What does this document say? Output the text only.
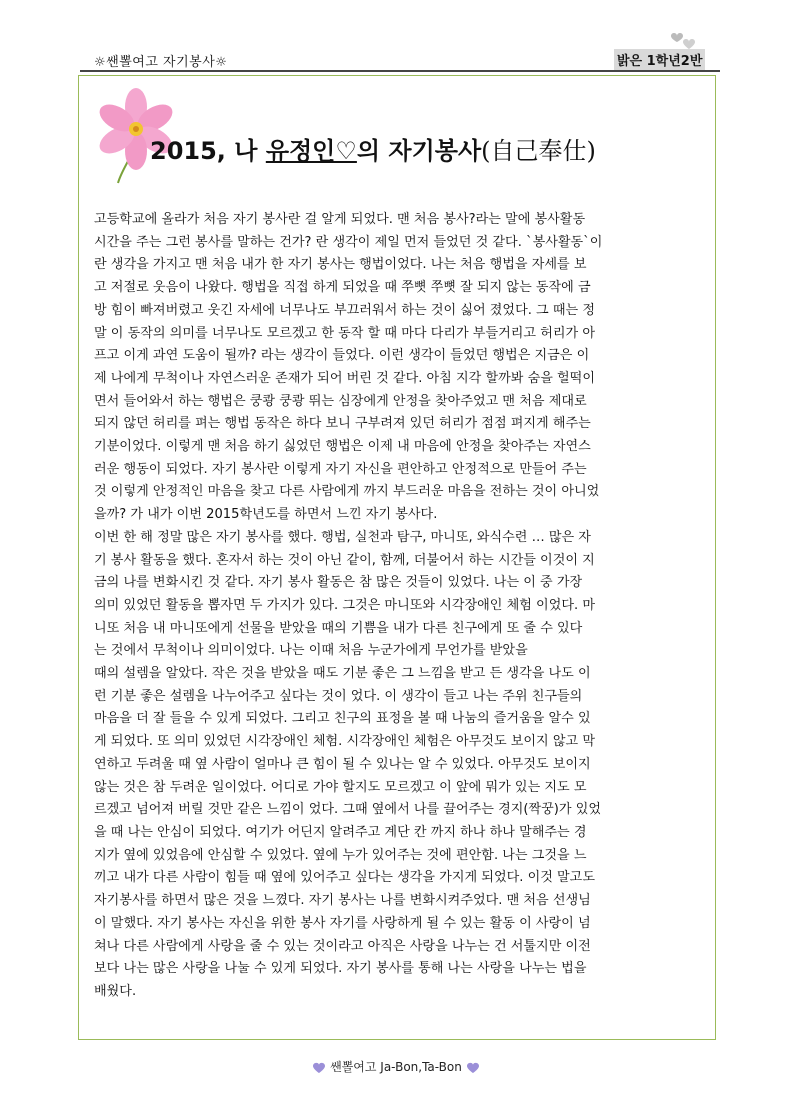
☼쌘뽈여고 자기봉사☼	밝은 1학년2반
2015, 나 유정인♡의 자기봉사(自己奉仕)

고등학교에 올라가 처음 자기 봉사란 걸 알게 되었다. 맨 처음 봉사?라는 말에 봉사활동

시간을 주는 그런 봉사를 말하는 건가? 란 생각이 제일 먼저 들었던 것 같다. `봉사활동`이

란 생각을 가지고 맨 처음 내가 한 자기 봉사는 행법이었다. 나는 처음 행법을 자세를 보

고 저절로 웃음이 나왔다. 행법을 직접 하게 되었을 때 쭈뼛 쭈뼛 잘 되지 않는 동작에 금

방 힘이 빠져버렸고 웃긴 자세에 너무나도 부끄러워서 하는 것이 싫어 졌었다. 그 때는 정

말 이 동작의 의미를 너무나도 모르겠고 한 동작 할 때 마다 다리가 부들거리고 허리가 아

프고 이게 과연 도움이 될까? 라는 생각이 들었다. 이런 생각이 들었던 행법은 지금은 이

제 나에게 무척이나 자연스러운 존재가 되어 버린 것 같다. 아침 지각 할까봐 숨을 헐떡이

면서 들어와서 하는 행법은 쿵쾅 쿵쾅 뛰는 심장에게 안정을 찾아주었고 맨 처음 제대로

되지 않던 허리를 펴는 행법 동작은 하다 보니 구부려져 있던 허리가 점점 펴지게 해주는

기분이었다. 이렇게 맨 처음 하기 싫었던 행법은 이제 내 마음에 안정을 찾아주는 자연스

러운 행동이 되었다. 자기 봉사란 이렇게 자기 자신을 편안하고 안정적으로 만들어 주는

것 이렇게 안정적인 마음을 찾고 다른 사람에게 까지 부드러운 마음을 전하는 것이 아니었

을까? 가 내가 이번 2015학년도를 하면서 느낀 자기 봉사다.

이번 한 해 정말 많은 자기 봉사를 했다. 행법, 실천과 탐구, 마니또, 와식수련 … 많은 자

기 봉사 활동을 했다. 혼자서 하는 것이 아닌 같이, 함께, 더불어서 하는 시간들 이것이 지

금의 나를 변화시킨 것 같다. 자기 봉사 활동은 참 많은 것들이 있었다. 나는 이 중 가장

의미 있었던 활동을 뽑자면 두 가지가 있다. 그것은 마니또와 시각장애인 체험 이었다. 마

니또 처음 내 마니또에게 선물을 받았을 때의 기쁨을 내가 다른 친구에게 또 줄 수 있다

는 것에서 무척이나 의미이었다. 나는 이때 처음 누군가에게 무언가를 받았을

때의 설렘을 알았다. 작은 것을 받았을 때도 기분 좋은 그 느낌을 받고 든 생각을 나도 이

런 기분 좋은 설렘을 나누어주고 싶다는 것이 었다. 이 생각이 들고 나는 주위 친구들의

마음을 더 잘 들을 수 있게 되었다. 그리고 친구의 표정을 볼 때 나눔의 즐거움을 알수 있

게 되었다. 또 의미 있었던 시각장애인 체험. 시각장애인 체험은 아무것도 보이지 않고 막

연하고 두려울 때 옆 사람이 얼마나 큰 힘이 될 수 있나는 알 수 있었다. 아무것도 보이지

않는 것은 참 두려운 일이었다. 어디로 가야 할지도 모르겠고 이 앞에 뭐가 있는 지도 모

르겠고 넘어져 버릴 것만 같은 느낌이 었다. 그때 옆에서 나를 끌어주는 경지(짝꿍)가 있었

을 때 나는 안심이 되었다. 여기가 어딘지 알려주고 계단 칸 까지 하나 하나 말해주는 경

지가 옆에 있었음에 안심할 수 있었다. 옆에 누가 있어주는 것에 편안함. 나는 그것을 느

끼고 내가 다른 사람이 힘들 때 옆에 있어주고 싶다는 생각을 가지게 되었다. 이것 말고도

자기봉사를 하면서 많은 것을 느꼈다. 자기 봉사는 나를 변화시켜주었다. 맨 처음 선생님

이 말했다. 자기 봉사는 자신을 위한 봉사 자기를 사랑하게 될 수 있는 활동 이 사랑이 넘

쳐나 다른 사람에게 사랑을 줄 수 있는 것이라고 아직은 사랑을 나누는 건 서툴지만 이전

보다 나는 많은 사랑을 나눌 수 있게 되었다. 자기 봉사를 통해 나는 사랑을 나누는 법을

배웠다.

쌘뽈여고 Ja-Bon,Ta-Bon
